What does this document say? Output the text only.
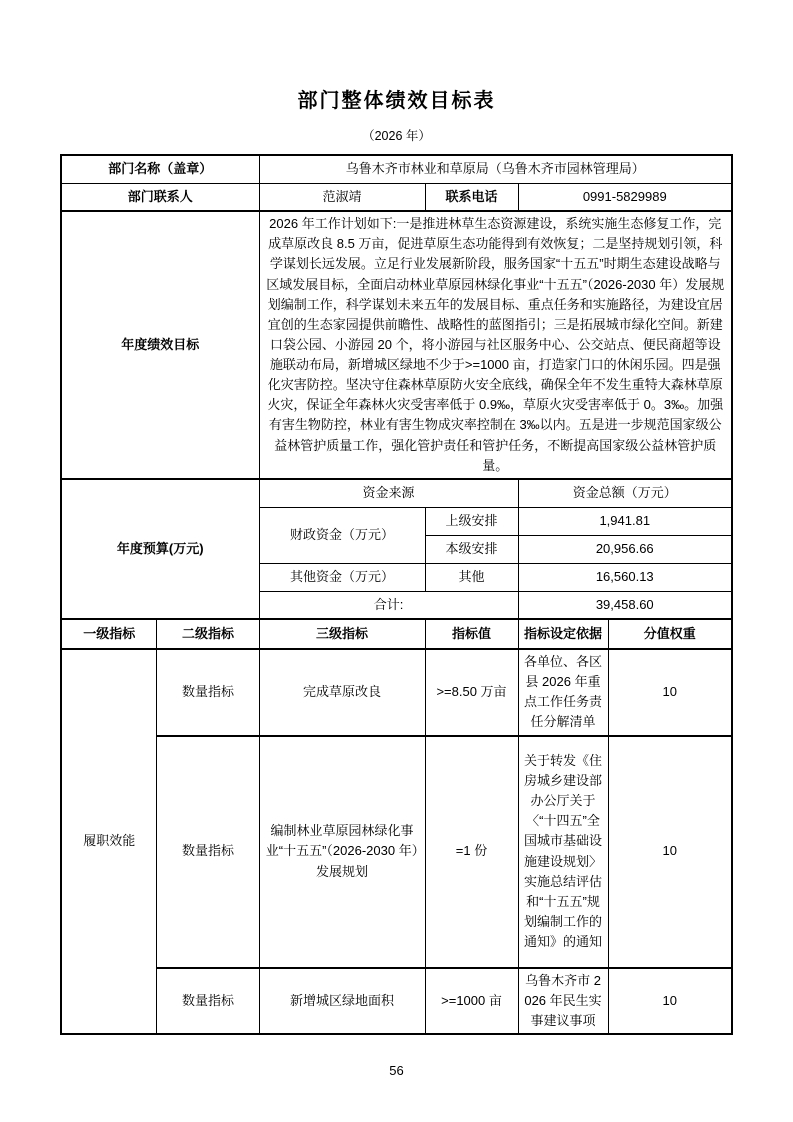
部门整体绩效目标表
（2026 年）
部门名称（盖章）		乌鲁木齐市林业和草原局（乌鲁木齐市园林管理局）			
部门联系人		范淑靖	联系电话	0991-5829989	
年度绩效目标		2026 年工作计划如下:一是推进林草生态资源建设，系统实施生态修复工作，完成草原改良 8.5 万亩，促进草原生态功能得到有效恢复；二是坚持规划引领，科学谋划长远发展。立足行业发展新阶段，服务国家“十五五”时期生态建设战略与区域发展目标，全面启动林业草原园林绿化事业“十五五”（2026-2030 年）发展规划编制工作，科学谋划未来五年的发展目标、重点任务和实施路径，为建设宜居宜创的生态家园提供前瞻性、战略性的蓝图指引；三是拓展城市绿化空间。新建口袋公园、小游园 20 个，将小游园与社区服务中心、公交站点、便民商超等设施联动布局，新增城区绿地不少于>=1000 亩，打造家门口的休闲乐园。四是强化灾害防控。坚决守住森林草原防火安全底线，确保全年不发生重特大森林草原火灾，保证全年森林火灾受害率低于 0.9‰，草原火灾受害率低于 0。3‰。加强有害生物防控，林业有害生物成灾率控制在 3‰以内。五是进一步规范国家级公益林管护质量工作，强化管护责任和管护任务，不断提高国家级公益林管护质量。			
年度预算(万元)		资金来源		资金总额（万元）	
		财政资金（万元）	上级安排	1,941.81	
			本级安排	20,956.66	
		其他资金（万元）	其他	16,560.13	
		合计:		39,458.60	
一级指标	二级指标	三级指标	指标值	指标设定依据	分值权重
履职效能	数量指标	完成草原改良	>=8.50 万亩	各单位、各区县 2026 年重点工作任务责任分解清单	10
	数量指标	编制林业草原园林绿化事业“十五五”（2026-2030 年）发展规划	=1 份	关于转发《住房城乡建设部办公厅关于〈“十四五”全国城市基础设施建设规划〉实施总结评估和“十五五”规划编制工作的通知》的通知	10
	数量指标	新增城区绿地面积	>=1000 亩	乌鲁木齐市 2026 年民生实事建议事项	10
56
